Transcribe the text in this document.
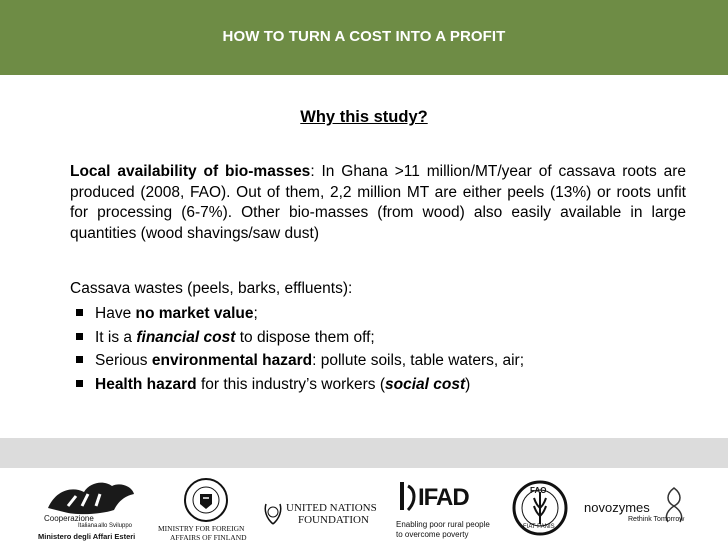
HOW TO TURN A COST INTO A PROFIT
Why this study?
Local availability of bio-masses: In Ghana >11 million/MT/year of cassava roots are produced (2008, FAO). Out of them, 2,2 million MT are either peels (13%) or roots unfit for processing (6-7%). Other bio-masses (from wood) also easily available in large quantities (wood shavings/saw dust)
Cassava wastes (peels, barks, effluents):
Have no market value;
It is a financial cost to dispose them off;
Serious environmental hazard: pollute soils, table waters, air;
Health hazard for this industry’s workers (social cost)
Cooperazione
Italiana allo Sviluppo
Ministero degli Affari Esteri
MINISTRY FOR FOREIGN
AFFAIRS OF FINLAND
UNITED NATIONS
FOUNDATION
IFAD
Enabling poor rural people
to overcome poverty
FAO
FIAT PANIS
novozymes
Rethink Tomorrow
